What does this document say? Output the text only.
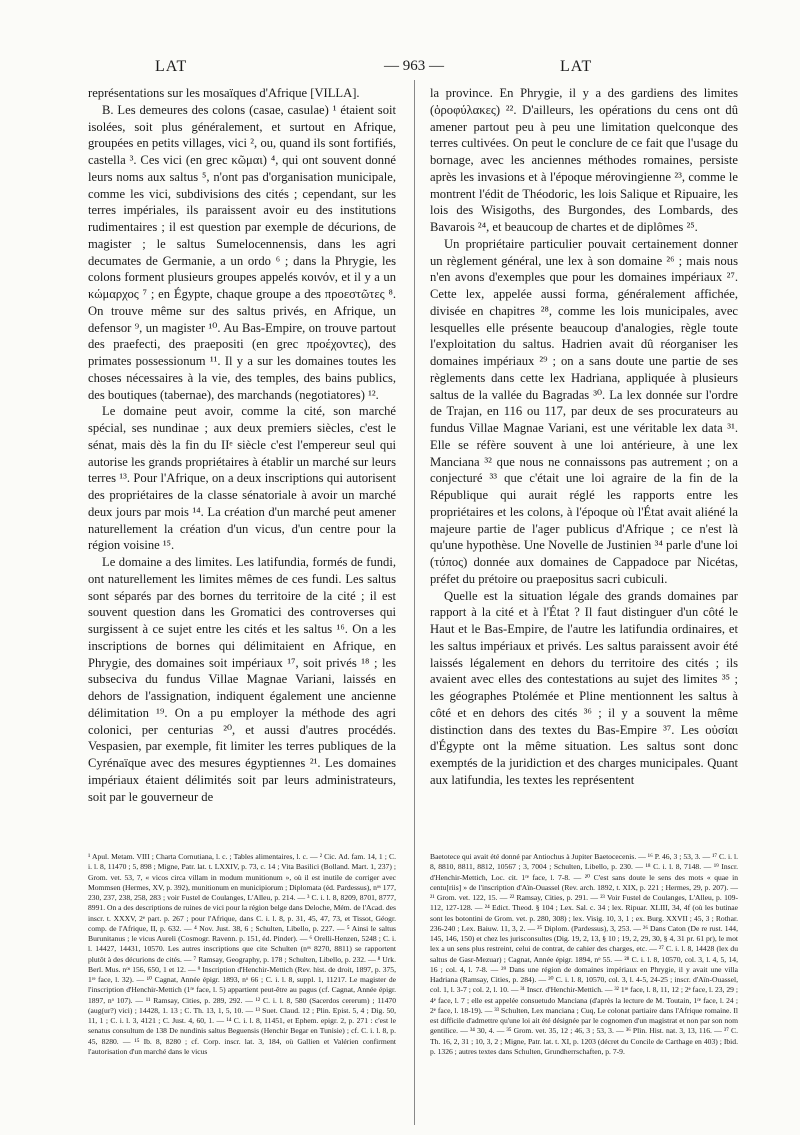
LAT	— 963 —	LAT

représentations sur les mosaïques d'Afrique [VILLA].

B. Les demeures des colons (casae, casulae) ¹ étaient soit isolées, soit plus généralement, et surtout en Afrique, groupées en petits villages, vici ², ou, quand ils sont fortifiés, castella ³. Ces vici (en grec κῶμαι) ⁴, qui ont souvent donné leurs noms aux saltus ⁵, n'ont pas d'organisation municipale, comme les vici, subdivisions des cités ; cependant, sur les terres impériales, ils paraissent avoir eu des institutions rudimentaires ; il est question par exemple de décurions, de magister ; le saltus Sumelocennensis, dans les agri decumates de Germanie, a un ordo ⁶ ; dans la Phrygie, les colons forment plusieurs groupes appelés κοινόν, et il y a un κώμαρχος ⁷ ; en Égypte, chaque groupe a des προεστῶτες ⁸. On trouve même sur des saltus privés, en Afrique, un defensor ⁹, un magister ¹⁰. Au Bas-Empire, on trouve partout des praefecti, des praepositi (en grec προέχοντες), des primates possessionum ¹¹. Il y a sur les domaines toutes les choses nécessaires à la vie, des temples, des bains publics, des boutiques (tabernae), des marchands (negotiatores) ¹².

Le domaine peut avoir, comme la cité, son marché spécial, ses nundinae ; aux deux premiers siècles, c'est le sénat, mais dès la fin du IIᵉ siècle c'est l'empereur seul qui autorise les grands propriétaires à établir un marché sur leurs terres ¹³. Pour l'Afrique, on a deux inscriptions qui autorisent des propriétaires de la classe sénatoriale à avoir un marché deux jours par mois ¹⁴. La création d'un marché peut amener naturellement la création d'un vicus, d'un centre pour la région voisine ¹⁵.

Le domaine a des limites. Les latifundia, formés de fundi, ont naturellement les limites mêmes de ces fundi. Les saltus sont séparés par des bornes du territoire de la cité ; il est souvent question dans les Gromatici des controverses qui surgissent à ce sujet entre les cités et les saltus ¹⁶. On a les inscriptions de bornes qui délimitaient en Afrique, en Phrygie, des domaines soit impériaux ¹⁷, soit privés ¹⁸ ; les subseciva du fundus Villae Magnae Variani, laissés en dehors de l'assignation, indiquent également une ancienne délimitation ¹⁹. On a pu employer la méthode des agri colonici, per centurias ²⁰, et aussi d'autres procédés. Vespasien, par exemple, fit limiter les terres publiques de la Cyrénaïque avec des mesures égyptiennes ²¹. Les domaines impériaux étaient délimités soit par leurs administrateurs, soit par le gouverneur de

la province. En Phrygie, il y a des gardiens des limites (ὁροφύλακες) ²². D'ailleurs, les opérations du cens ont dû amener partout peu à peu une limitation quelconque des terres cultivées. On peut le conclure de ce fait que l'usage du bornage, avec les anciennes méthodes romaines, persiste après les invasions et à l'époque mérovingienne ²³, comme le montrent l'édit de Théodoric, les lois Salique et Ripuaire, les lois des Wisigoths, des Burgondes, des Lombards, des Bavarois ²⁴, et beaucoup de chartes et de diplômes ²⁵.

Un propriétaire particulier pouvait certainement donner un règlement général, une lex à son domaine ²⁶ ; mais nous n'en avons d'exemples que pour les domaines impériaux ²⁷. Cette lex, appelée aussi forma, généralement affichée, divisée en chapitres ²⁸, comme les lois municipales, avec lesquelles elle présente beaucoup d'analogies, règle toute l'exploitation du saltus. Hadrien avait dû réorganiser les domaines impériaux ²⁹ ; on a sans doute une partie de ses règlements dans cette lex Hadriana, appliquée à plusieurs saltus de la vallée du Bagradas ³⁰. La lex donnée sur l'ordre de Trajan, en 116 ou 117, par deux de ses procurateurs au fundus Villae Magnae Variani, est une véritable lex data ³¹. Elle se réfère souvent à une loi antérieure, à une lex Manciana ³² que nous ne connaissons pas autrement ; on a conjecturé ³³ que c'était une loi agraire de la fin de la République qui aurait réglé les rapports entre les propriétaires et les colons, à l'époque où l'État avait aliéné la majeure partie de l'ager publicus d'Afrique ; ce n'est là qu'une hypothèse. Une Novelle de Justinien ³⁴ parle d'une loi (τύπος) donnée aux domaines de Cappadoce par Nicétas, préfet du prétoire ou praepositus sacri cubiculi.

Quelle est la situation légale des grands domaines par rapport à la cité et à l'État ? Il faut distinguer d'un côté le Haut et le Bas-Empire, de l'autre les latifundia ordinaires, et les saltus impériaux et privés. Les saltus paraissent avoir été laissés légalement en dehors du territoire des cités ; ils avaient avec elles des contestations au sujet des limites ³⁵ ; les géographes Ptolémée et Pline mentionnent les saltus à côté et en dehors des cités ³⁶ ; il y a souvent la même distinction dans des textes du Bas-Empire ³⁷. Les οὐσίαι d'Égypte ont la même situation. Les saltus sont donc exemptés de la juridiction et des charges municipales. Quant aux latifundia, les textes les représentent

¹ Apul. Metam. VIII ; Charta Cornutiana, l. c. ; Tables alimentaires, l. c. — ² Cic. Ad. fam. 14, 1 ; C. i. l. 8, 11470 ; 5, 898 ; Migne, Patr. lat. t. LXXIV, p. 73, c. 14 ; Vita Basilici (Bolland. Mart. 1, 237) ; Grom. vet. 53, 7, « vicos circa villam in modum munitionum », où il est inutile de corriger avec Mommsen (Hermes, XV, p. 392), munitionum en municipiorum ; Diplomata (éd. Pardessus), nᵒˢ 177, 230, 237, 238, 258, 283 ; voir Fustel de Coulanges, L'Alleu, p. 214. — ³ C. i. l. 8, 8209, 8701, 8777, 8991. On a des descriptions de ruines de vici pour la région belge dans Deloche, Mém. de l'Acad. des inscr. t. XXXV, 2ᵉ part. p. 267 ; pour l'Afrique, dans C. i. l. 8, p. 31, 45, 47, 73, et Tissot, Géogr. comp. de l'Afrique, II, p. 632. — ⁴ Nov. Just. 38, 6 ; Schulten, Libello, p. 227. — ⁵ Ainsi le saltus Burunitanus ; le vicus Aureli (Cosmogr. Ravenn. p. 151, éd. Pinder). — ⁶ Orelli-Henzen, 5248 ; C. i. l. 14427, 14431, 10570. Les autres inscriptions que cite Schulten (nᵒˢ 8270, 8811) se rapportent plutôt à des décurions de cités. — ⁷ Ramsay, Geography, p. 178 ; Schulten, Libello, p. 232. — ⁸ Urk. Berl. Mus. nᵒˢ 156, 650, 1 et 12. — ⁹ Inscription d'Henchir-Mettich (Rev. hist. de droit, 1897, p. 375, 1ʳᵉ face, l. 32). — ¹⁰ Cagnat, Année épigr. 1893, nᵒ 66 ; C. i. l. 8, suppl. 1, 11217. Le magister de l'inscription d'Henchir-Mettich (1ʳᵉ face, l. 5) appartient peut-être au pagus (cf. Cagnat, Année épigr. 1897, nᵒ 107). — ¹¹ Ramsay, Cities, p. 289, 292. — ¹² C. i. l. 8, 580 (Sacerdos cererum) ; 11470 (aug(ur?) vici) ; 14428, 1. 13 ; C. Th. 13, 1, 5, 10. — ¹³ Suet. Claud. 12 ; Plin. Epist. 5, 4 ; Dig. 50, 11, 1 ; C. i. l. 3, 4121 ; C. Just. 4, 60, 1. — ¹⁴ C. i. l. 8, 11451, et Ephem. epigr. 2, p. 271 : c'est le senatus consultum de 138 De nundinis saltus Beguensis (Henchir Begar en Tunisie) ; cf. C. i. l. 8, p. 45, 8280. — ¹⁵ Ib. 8, 8280 ; cf. Corp. inscr. lat. 3, 184, où Gallien et Valérien confirment l'autorisation d'un marché dans le vicus

Baetotece qui avait été donné par Antiochus à Jupiter Baetocecenis. — ¹⁶ P. 46, 3 ; 53, 3. — ¹⁷ C. i. l. 8, 8810, 8811, 8812, 10567 ; 3, 7004 ; Schulten, Libello, p. 230. — ¹⁸ C. i. l. 8, 7148. — ¹⁹ Inscr. d'Henchir-Mettich, Loc. cit. 1ʳᵉ face, l. 7-8. — ²⁰ C'est sans doute le sens des mots « quae in centu[riis] » de l'inscription d'Aïn-Ouassel (Rev. arch. 1892, t. XIX, p. 221 ; Hermes, 29, p. 207). — ²¹ Grom. vet. 122, 15. — ²² Ramsay, Cities, p. 291. — ²³ Voir Fustel de Coulanges, L'Alleu, p. 109-112, 127-128. — ²⁴ Edict. Theod. § 104 ; Lex. Sal. c. 34 ; lex. Ripuar. XLIII, 34, 4f (où les butinae sont les botontini de Grom. vet. p. 280, 308) ; lex. Visig. 10, 3, 1 ; ex. Burg. XXVII ; 45, 3 ; Rothar. 236-240 ; Lex. Baiuw. 11, 3, 2. — ²⁵ Diplom. (Pardessus), 3, 253. — ²⁶ Dans Caton (De re rust. 144, 145, 146, 150) et chez les jurisconsultes (Dig. 19, 2, 13, § 10 ; 19, 2, 29, 30, § 4, 31 pr. 61 pr), le mot lex a un sens plus restreint, celui de contrat, de cahier des charges, etc. — ²⁷ C. i. l. 8, 14428 (lex du saltus de Gasr-Mezuar) ; Cagnat, Année épigr. 1894, nᵒ 55. — ²⁸ C. i. l. 8, 10570, col. 3, l. 4, 5, 14, 16 ; col. 4, l. 7-8. — ²⁹ Dans une région de domaines impériaux en Phrygie, il y avait une villa Hadriana (Ramsay, Cities, p. 284). — ³⁰ C. i. l. 8, 10570, col. 3, l. 4-5, 24-25 ; inscr. d'Aïn-Ouassel, col. 1, l. 3-7 ; col. 2, l. 10. — ³¹ Inscr. d'Henchir-Mettich. — ³² 1ʳᵉ face, l. 8, 11, 12 ; 2ᵉ face, l. 23, 29 ; 4ᵉ face, l. 7 ; elle est appelée consuetudo Manciana (d'après la lecture de M. Toutain, 1ʳᵉ face, l. 24 ; 2ᵉ face, l. 18-19). — ³³ Schulten, Lex manciana ; Cuq, Le colonat partiaire dans l'Afrique romaine. Il est difficile d'admettre qu'une loi ait été désignée par le cognomen d'un magistrat et non par son nom gentilice. — ³⁴ 30, 4. — ³⁵ Grom. vet. 35, 12 ; 46, 3 ; 53, 3. — ³⁶ Plin. Hist. nat. 3, 13, 116. — ³⁷ C. Th. 16, 2, 31 ; 10, 3, 2 ; Migne, Patr. lat. t. XI, p. 1203 (décret du Concile de Carthage en 403) ; Ibid. p. 1326 ; autres textes dans Schulten, Grundherrschaften, p. 7-9.
